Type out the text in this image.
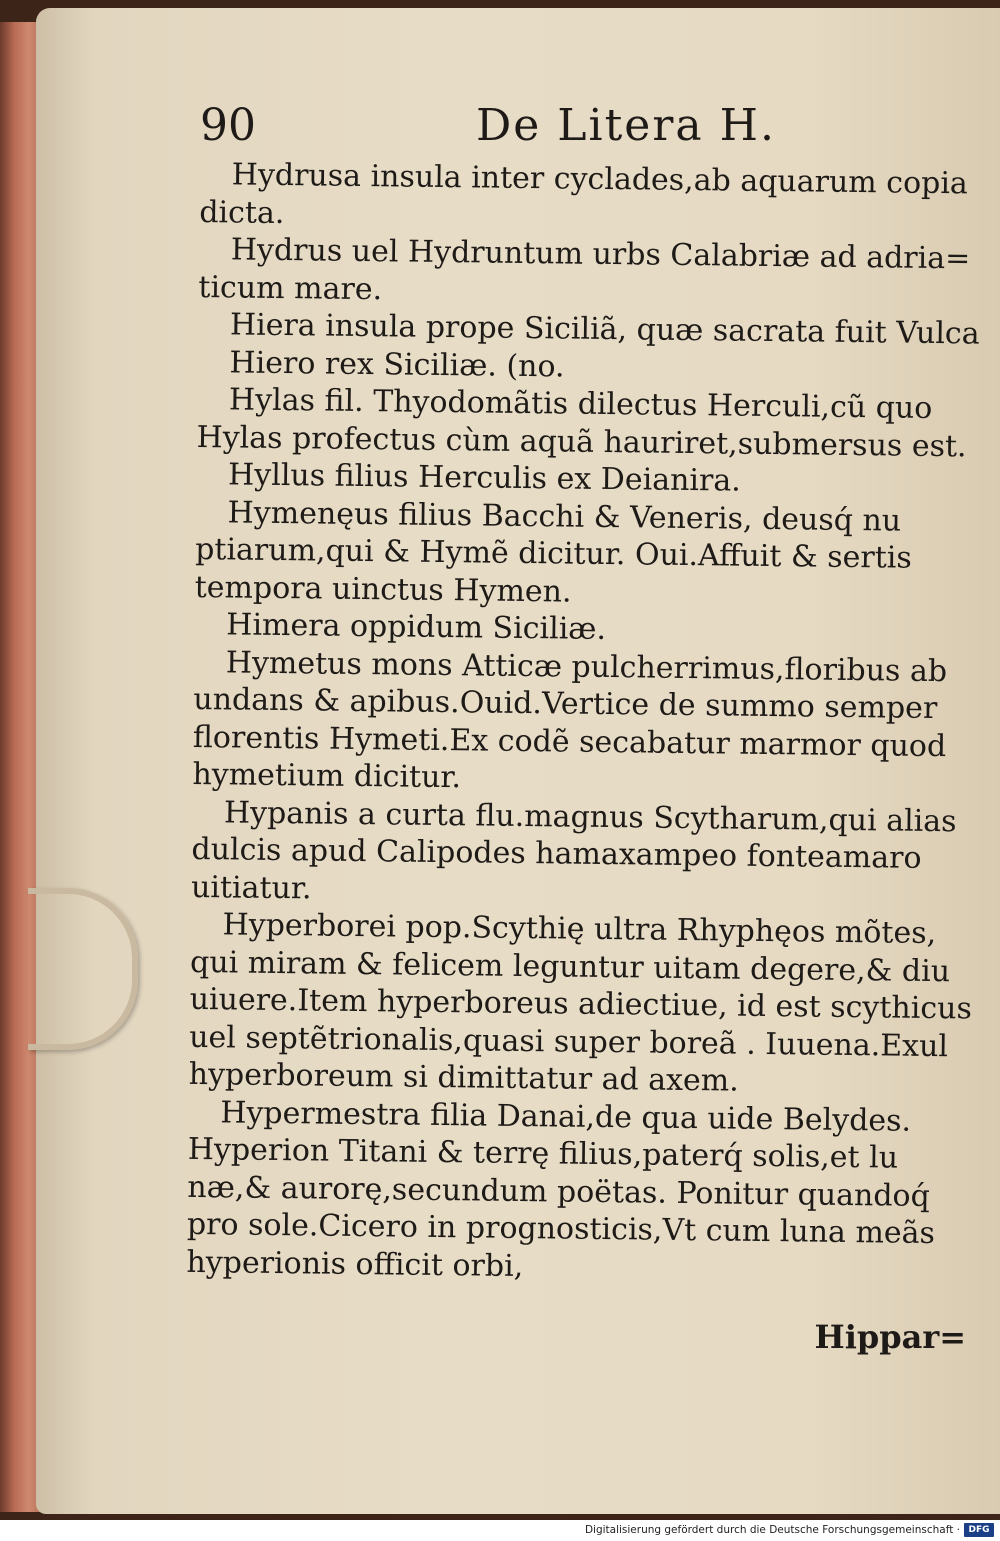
90	De Litera H.
Hydrusa insula inter cyclades,ab aquarum copia
dicta.
Hydrus uel Hydruntum urbs Calabriæ ad adria=
ticum mare.
Hiera insula prope Siciliã, quæ sacrata fuit Vulca
Hiero rex Siciliæ. (no.
Hylas fil. Thyodomãtis dilectus Herculi,cũ quo
Hylas profectus cùm aquã hauriret,submersus est.
Hyllus filius Herculis ex Deianira.
Hymenęus filius Bacchi & Veneris, deusq́ nu
ptiarum,qui & Hymẽ dicitur. Oui.Affuit & sertis
tempora uinctus Hymen.
Himera oppidum Siciliæ.
Hymetus mons Atticæ pulcherrimus,floribus ab
undans & apibus.Ouid.Vertice de summo semper
florentis Hymeti.Ex codẽ secabatur marmor quod
hymetium dicitur.
Hypanis a curta flu.magnus Scytharum,qui alias
dulcis apud Calipodes hamaxampeo fonteamaro
uitiatur.
Hyperborei pop.Scythię ultra Rhyphęos mõtes,
qui miram & felicem leguntur uitam degere,& diu
uiuere.Item hyperboreus adiectiue, id est scythicus
uel septẽtrionalis,quasi super boreã . Iuuena.Exul
hyperboreum si dimittatur ad axem.
Hypermestra filia Danai,de qua uide Belydes.
Hyperion Titani & terrę filius,paterq́ solis,et lu
næ,& aurorę,secundum poëtas. Ponitur quandoq́
pro sole.Cicero in prognosticis,Vt cum luna meãs
hyperionis officit orbi,
Hippar=
Digitalisierung gefördert durch die Deutsche Forschungsgemeinschaft · DFG
